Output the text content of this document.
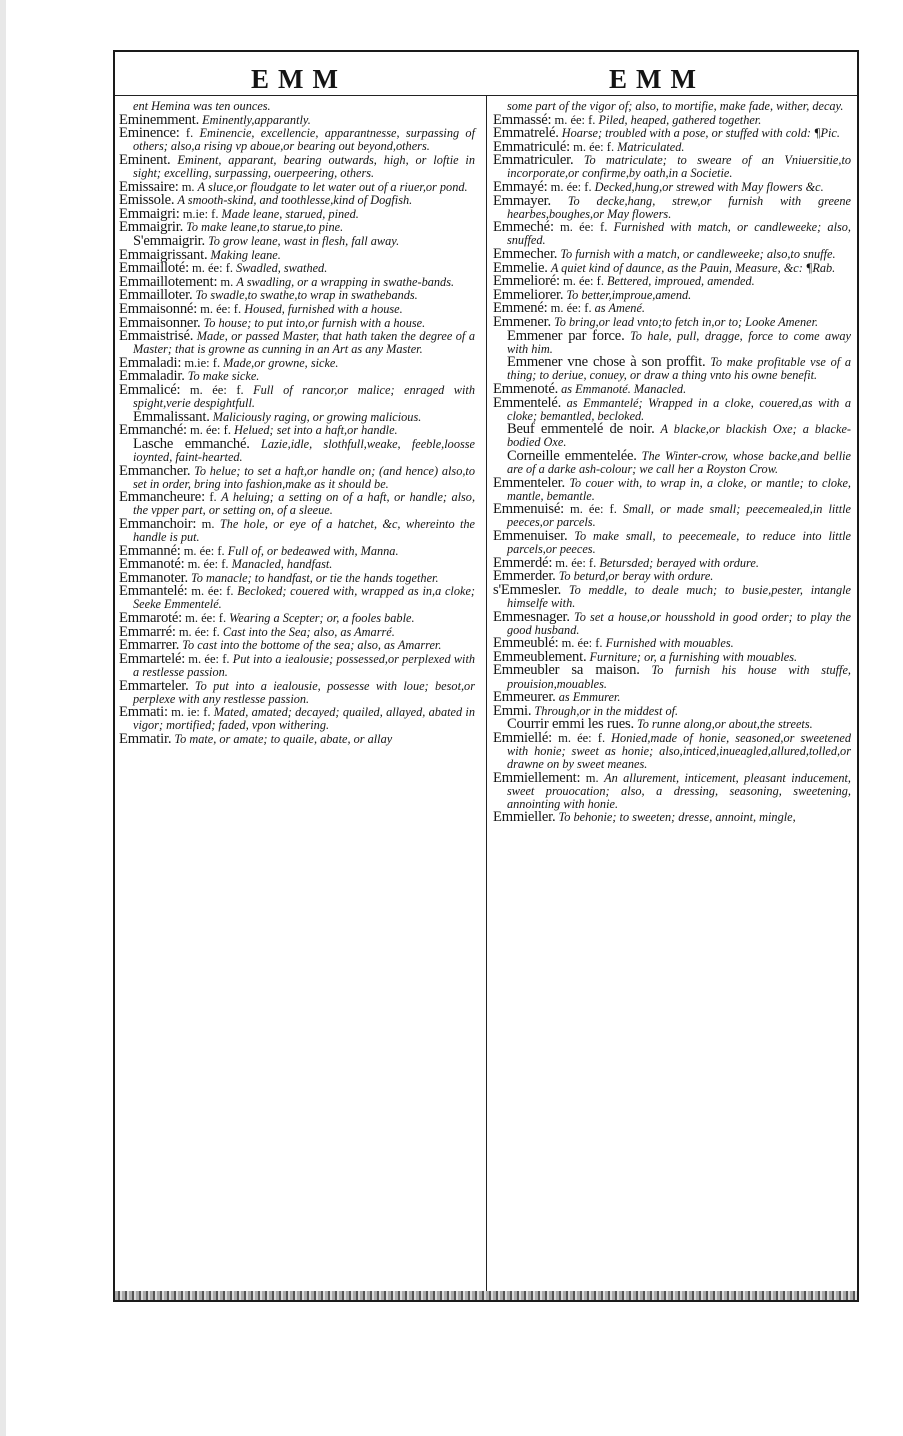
EMM	EMM

ent Hemina was ten ounces.

Eminemment. Eminently,apparantly.

Eminence: f. Eminencie, excellencie, apparantnesse, surpassing of others; also,a rising vp aboue,or bearing out beyond,others.

Eminent. Eminent, apparant, bearing outwards, high, or loftie in sight; excelling, surpassing, ouerpeering, others.

Emissaire: m. A sluce,or floudgate to let water out of a riuer,or pond.

Emissole. A smooth-skind, and toothlesse,kind of Dogfish.

Emmaigri: m.ie: f. Made leane, starued, pined.

Emmaigrir. To make leane,to starue,to pine.

S'emmaigrir. To grow leane, wast in flesh, fall away.

Emmaigrissant. Making leane.

Emmailloté: m. ée: f. Swadled, swathed.

Emmaillotement: m. A swadling, or a wrapping in swathe-bands.

Emmailloter. To swadle,to swathe,to wrap in swathebands.

Emmaisonné: m. ée: f. Housed, furnished with a house.

Emmaisonner. To house; to put into,or furnish with a house.

Emmaistrisé. Made, or passed Master, that hath taken the degree of a Master; that is growne as cunning in an Art as any Master.

Emmaladi: m.ie: f. Made,or growne, sicke.

Emmaladir. To make sicke.

Emmalicé: m. ée: f. Full of rancor,or malice; enraged with spight,verie despightfull.

Emmalissant. Maliciously raging, or growing malicious.

Emmanché: m. ée: f. Helued; set into a haft,or handle.

Lasche emmanché. Lazie,idle, slothfull,weake, feeble,loosse ioynted, faint-hearted.

Emmancher. To helue; to set a haft,or handle on; (and hence) also,to set in order, bring into fashion,make as it should be.

Emmancheure: f. A heluing; a setting on of a haft, or handle; also, the vpper part, or setting on, of a sleeue.

Emmanchoir: m. The hole, or eye of a hatchet, &c, whereinto the handle is put.

Emmanné: m. ée: f. Full of, or bedeawed with, Manna.

Emmanoté: m. ée: f. Manacled, handfast.

Emmanoter. To manacle; to handfast, or tie the hands together.

Emmantelé: m. ée: f. Becloked; couered with, wrapped as in,a cloke; Seeke Emmentelé.

Emmaroté: m. ée: f. Wearing a Scepter; or, a fooles bable.

Emmarré: m. ée: f. Cast into the Sea; also, as Amarré.

Emmarrer. To cast into the bottome of the sea; also, as Amarrer.

Emmartelé: m. ée: f. Put into a iealousie; possessed,or perplexed with a restlesse passion.

Emmarteler. To put into a iealousie, possesse with loue; besot,or perplexe with any restlesse passion.

Emmati: m. ie: f. Mated, amated; decayed; quailed, allayed, abated in vigor; mortified; faded, vpon withering.

Emmatir. To mate, or amate; to quaile, abate, or allay

some part of the vigor of; also, to mortifie, make fade, wither, decay.

Emmassé: m. ée: f. Piled, heaped, gathered together.

Emmatrelé. Hoarse; troubled with a pose, or stuffed with cold: ¶Pic.

Emmatriculé: m. ée: f. Matriculated.

Emmatriculer. To matriculate; to sweare of an Vniuersitie,to incorporate,or confirme,by oath,in a Societie.

Emmayé: m. ée: f. Decked,hung,or strewed with May flowers &c.

Emmayer. To decke,hang, strew,or furnish with greene hearbes,boughes,or May flowers.

Emmeché: m. ée: f. Furnished with match, or candleweeke; also, snuffed.

Emmecher. To furnish with a match, or candleweeke; also,to snuffe.

Emmelie. A quiet kind of daunce, as the Pauin, Measure, &c: ¶Rab.

Emmelioré: m. ée: f. Bettered, improued, amended.

Emmeliorer. To better,improue,amend.

Emmené: m. ée: f. as Amené.

Emmener. To bring,or lead vnto;to fetch in,or to; Looke Amener.

Emmener par force. To hale, pull, dragge, force to come away with him.

Emmener vne chose à son proffit. To make profitable vse of a thing; to deriue, conuey, or draw a thing vnto his owne benefit.

Emmenoté. as Emmanoté. Manacled.

Emmentelé. as Emmantelé; Wrapped in a cloke, couered,as with a cloke; bemantled, becloked.

Beuf emmentelé de noir. A blacke,or blackish Oxe; a blacke-bodied Oxe.

Corneille emmentelée. The Winter-crow, whose backe,and bellie are of a darke ash-colour; we call her a Royston Crow.

Emmenteler. To couer with, to wrap in, a cloke, or mantle; to cloke, mantle, bemantle.

Emmenuisé: m. ée: f. Small, or made small; peecemealed,in little peeces,or parcels.

Emmenuiser. To make small, to peecemeale, to reduce into little parcels,or peeces.

Emmerdé: m. ée: f. Betursded; berayed with ordure.

Emmerder. To beturd,or beray with ordure.

s'Emmesler. To meddle, to deale much; to busie,pester, intangle himselfe with.

Emmesnager. To set a house,or housshold in good order; to play the good husband.

Emmeublé: m. ée: f. Furnished with mouables.

Emmeublement. Furniture; or, a furnishing with mouables.

Emmeubler sa maison. To furnish his house with stuffe, prouision,mouables.

Emmeurer. as Emmurer.

Emmi. Through,or in the middest of.

Courrir emmi les rues. To runne along,or about,the streets.

Emmiellé: m. ée: f. Honied,made of honie, seasoned,or sweetened with honie; sweet as honie; also,inticed,inueagled,allured,tolled,or drawne on by sweet meanes.

Emmiellement: m. An allurement, inticement, pleasant inducement, sweet prouocation; also, a dressing, seasoning, sweetening, annointing with honie.

Emmieller. To behonie; to sweeten; dresse, annoint, mingle,
